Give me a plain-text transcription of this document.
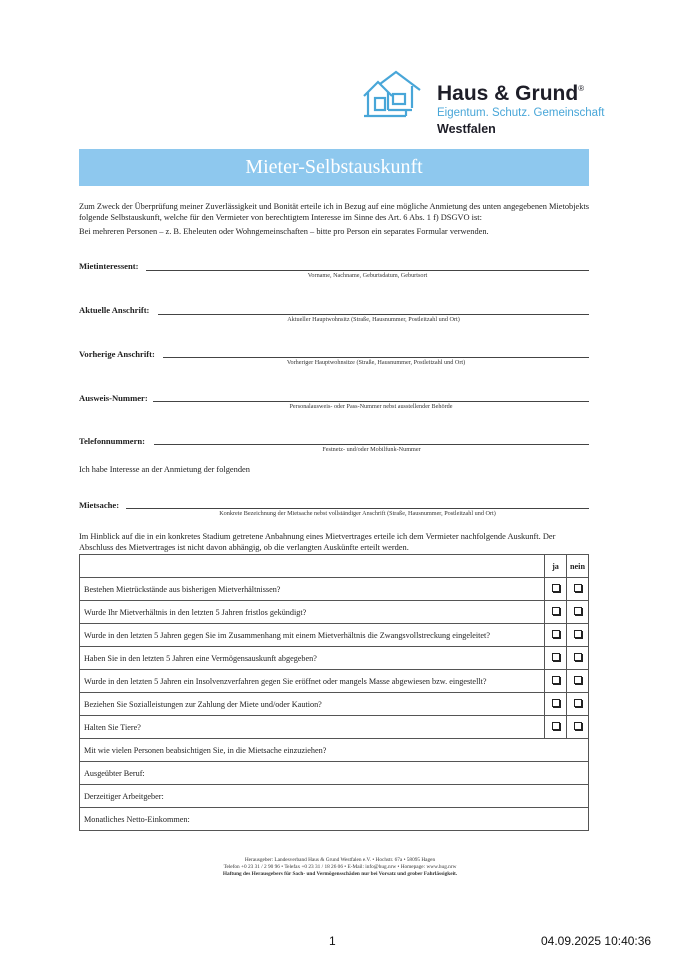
Haus & Grund®
Eigentum. Schutz. Gemeinschaft
Westfalen
Mieter-Selbstauskunft
Zum Zweck der Überprüfung meiner Zuverlässigkeit und Bonität erteile ich in Bezug auf eine mögliche Anmietung des unten angegebenen Mietobjekts folgende Selbstauskunft, welche für den Vermieter von berechtigtem Interesse im Sinne des Art. 6 Abs. 1 f) DSGVO ist:
Bei mehreren Personen – z. B. Eheleuten oder Wohngemeinschaften – bitte pro Person ein separates Formular verwenden.
Mietinteressent:
Vorname, Nachname, Geburtsdatum, Geburtsort
Aktuelle Anschrift:
Aktueller Hauptwohnsitz (Straße, Hausnummer, Postleitzahl und Ort)
Vorherige Anschrift:
Vorheriger Hauptwohnsitze (Straße, Hausnummer, Postleitzahl und Ort)
Ausweis-Nummer:
Personalausweis- oder Pass-Nummer nebst ausstellender Behörde
Telefonnummern:
Festnetz- und/oder Mobilfunk-Nummer
Ich habe Interesse an der Anmietung der folgenden
Mietsache:
Konkrete Bezeichnung der Mietsache nebst vollständiger Anschrift (Straße, Hausnummer, Postleitzahl und Ort)
Im Hinblick auf die in ein konkretes Stadium getretene Anbahnung eines Mietvertrages erteile ich dem Vermieter nachfolgende Auskunft. Der Abschluss des Mietvertrages ist nicht davon abhängig, ob die verlangten Auskünfte erteilt werden.
	ja	nein
Bestehen Mietrückstände aus bisherigen Mietverhältnissen?		
Wurde Ihr Mietverhältnis in den letzten 5 Jahren fristlos gekündigt?		
Wurde in den letzten 5 Jahren gegen Sie im Zusammenhang mit einem Mietverhältnis die Zwangsvollstreckung eingeleitet?		
Haben Sie in den letzten 5 Jahren eine Vermögensauskunft abgegeben?		
Wurde in den letzten 5 Jahren ein Insolvenzverfahren gegen Sie eröffnet oder mangels Masse abgewiesen bzw. eingestellt?		
Beziehen Sie Sozialleistungen zur Zahlung der Miete und/oder Kaution?		
Halten Sie Tiere?		
Mit wie vielen Personen beabsichtigen Sie, in die Mietsache einzuziehen?		
Ausgeübter Beruf:		
Derzeitiger Arbeitgeber:		
Monatliches Netto-Einkommen:		
Herausgeber: Landesverband Haus & Grund Westfalen e.V. • Hochstr. 67a • 58095 Hagen
Telefon +0 23 31 / 2 90 96 • Telefax +0 23 31 / 18 26 06 • E-Mail: info@hug.nrw • Homepage: www.hug.nrw
Haftung des Herausgebers für Sach- und Vermögensschäden nur bei Vorsatz und grober Fahrlässigkeit.
1	04.09.2025 10:40:36
